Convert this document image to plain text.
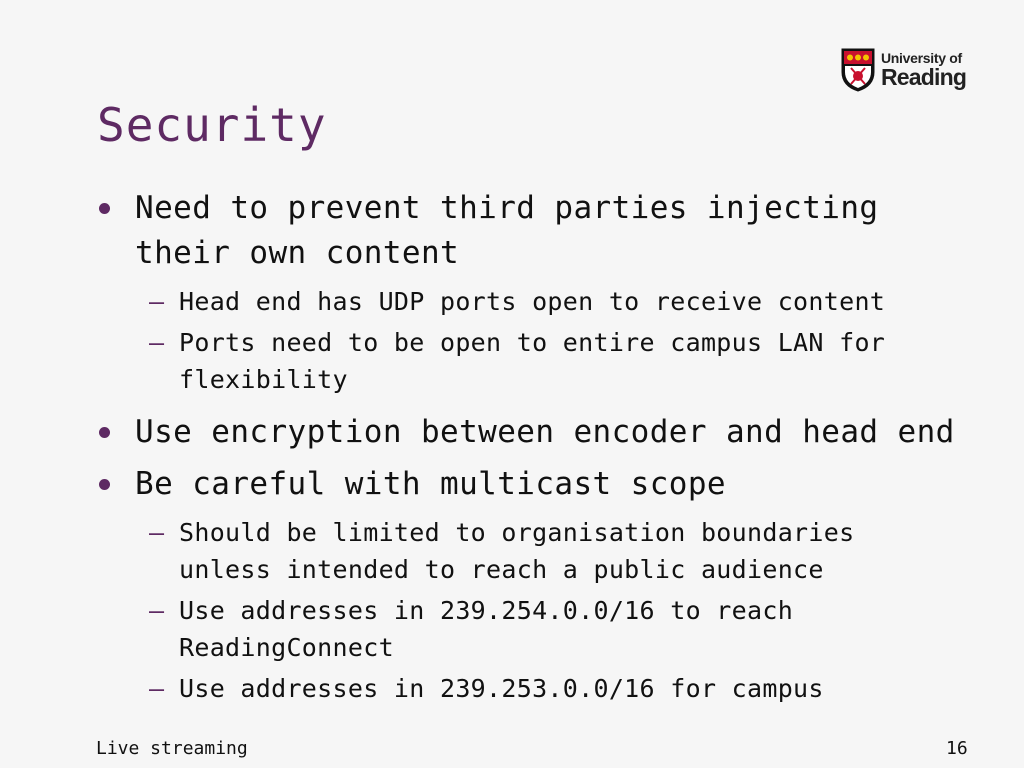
University of
Reading
Security
Need to prevent third parties injecting their own content
– Head end has UDP ports open to receive content
– Ports need to be open to entire campus LAN for flexibility
Use encryption between encoder and head end
Be careful with multicast scope
– Should be limited to organisation boundaries unless intended to reach a public audience
– Use addresses in 239.254.0.0/16 to reach ReadingConnect
– Use addresses in 239.253.0.0/16 for campus
Live streaming	16
